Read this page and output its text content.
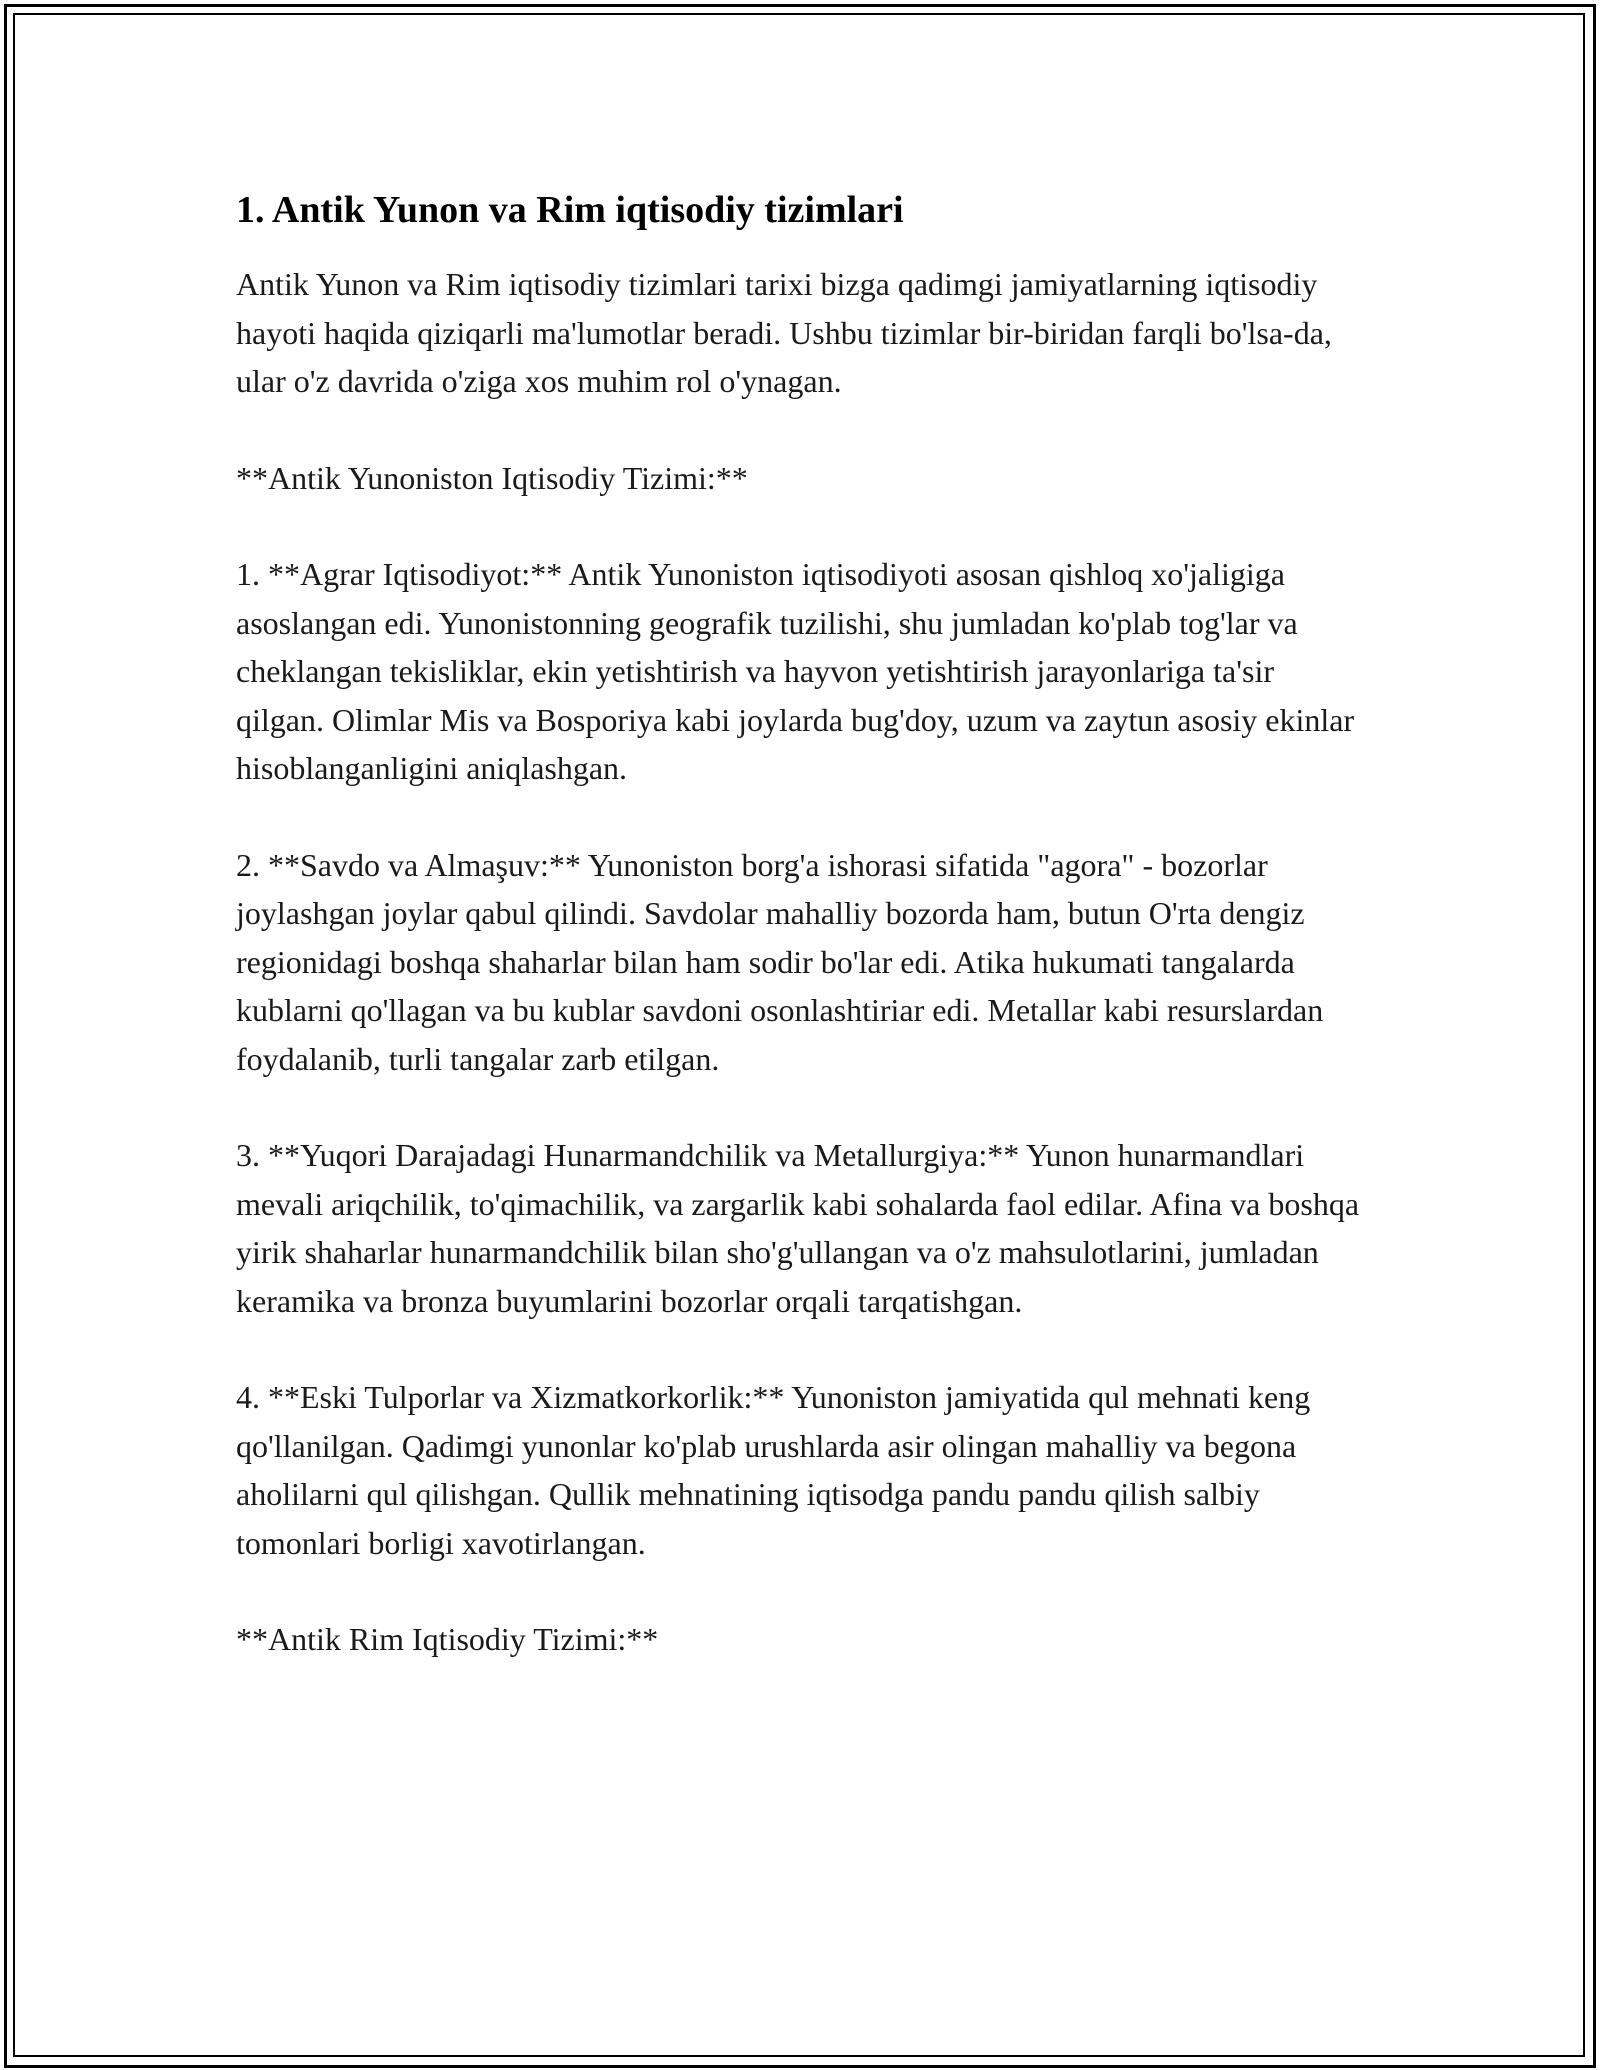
1. Antik Yunon va Rim iqtisodiy tizimlari

Antik Yunon va Rim iqtisodiy tizimlari tarixi bizga qadimgi jamiyatlarning iqtisodiy hayoti haqida qiziqarli ma'lumotlar beradi. Ushbu tizimlar bir-biridan farqli bo'lsa-da, ular o'z davrida o'ziga xos muhim rol o'ynagan.

**Antik Yunoniston Iqtisodiy Tizimi:**

1. **Agrar Iqtisodiyot:** Antik Yunoniston iqtisodiyoti asosan qishloq xo'jaligiga asoslangan edi. Yunonistonning geografik tuzilishi, shu jumladan ko'plab tog'lar va cheklangan tekisliklar, ekin yetishtirish va hayvon yetishtirish jarayonlariga ta'sir qilgan. Olimlar Mis va Bosporiya kabi joylarda bug'doy, uzum va zaytun asosiy ekinlar hisoblanganligini aniqlashgan.

2. **Savdo va Almaşuv:** Yunoniston borg'a ishorasi sifatida "agora" - bozorlar joylashgan joylar qabul qilindi. Savdolar mahalliy bozorda ham, butun O'rta dengiz regionidagi boshqa shaharlar bilan ham sodir bo'lar edi. Atika hukumati tangalarda kublarni qo'llagan va bu kublar savdoni osonlashtiriar edi. Metallar kabi resurslardan foydalanib, turli tangalar zarb etilgan.

3. **Yuqori Darajadagi Hunarmandchilik va Metallurgiya:** Yunon hunarmandlari mevali ariqchilik, to'qimachilik, va zargarlik kabi sohalarda faol edilar. Afina va boshqa yirik shaharlar hunarmandchilik bilan sho'g'ullangan va o'z mahsulotlarini, jumladan keramika va bronza buyumlarini bozorlar orqali tarqatishgan.

4. **Eski Tulporlar va Xizmatkorkorlik:** Yunoniston jamiyatida qul mehnati keng qo'llanilgan. Qadimgi yunonlar ko'plab urushlarda asir olingan mahalliy va begona aholilarni qul qilishgan. Qullik mehnatining iqtisodga pandu pandu qilish salbiy tomonlari borligi xavotirlangan.

**Antik Rim Iqtisodiy Tizimi:**
